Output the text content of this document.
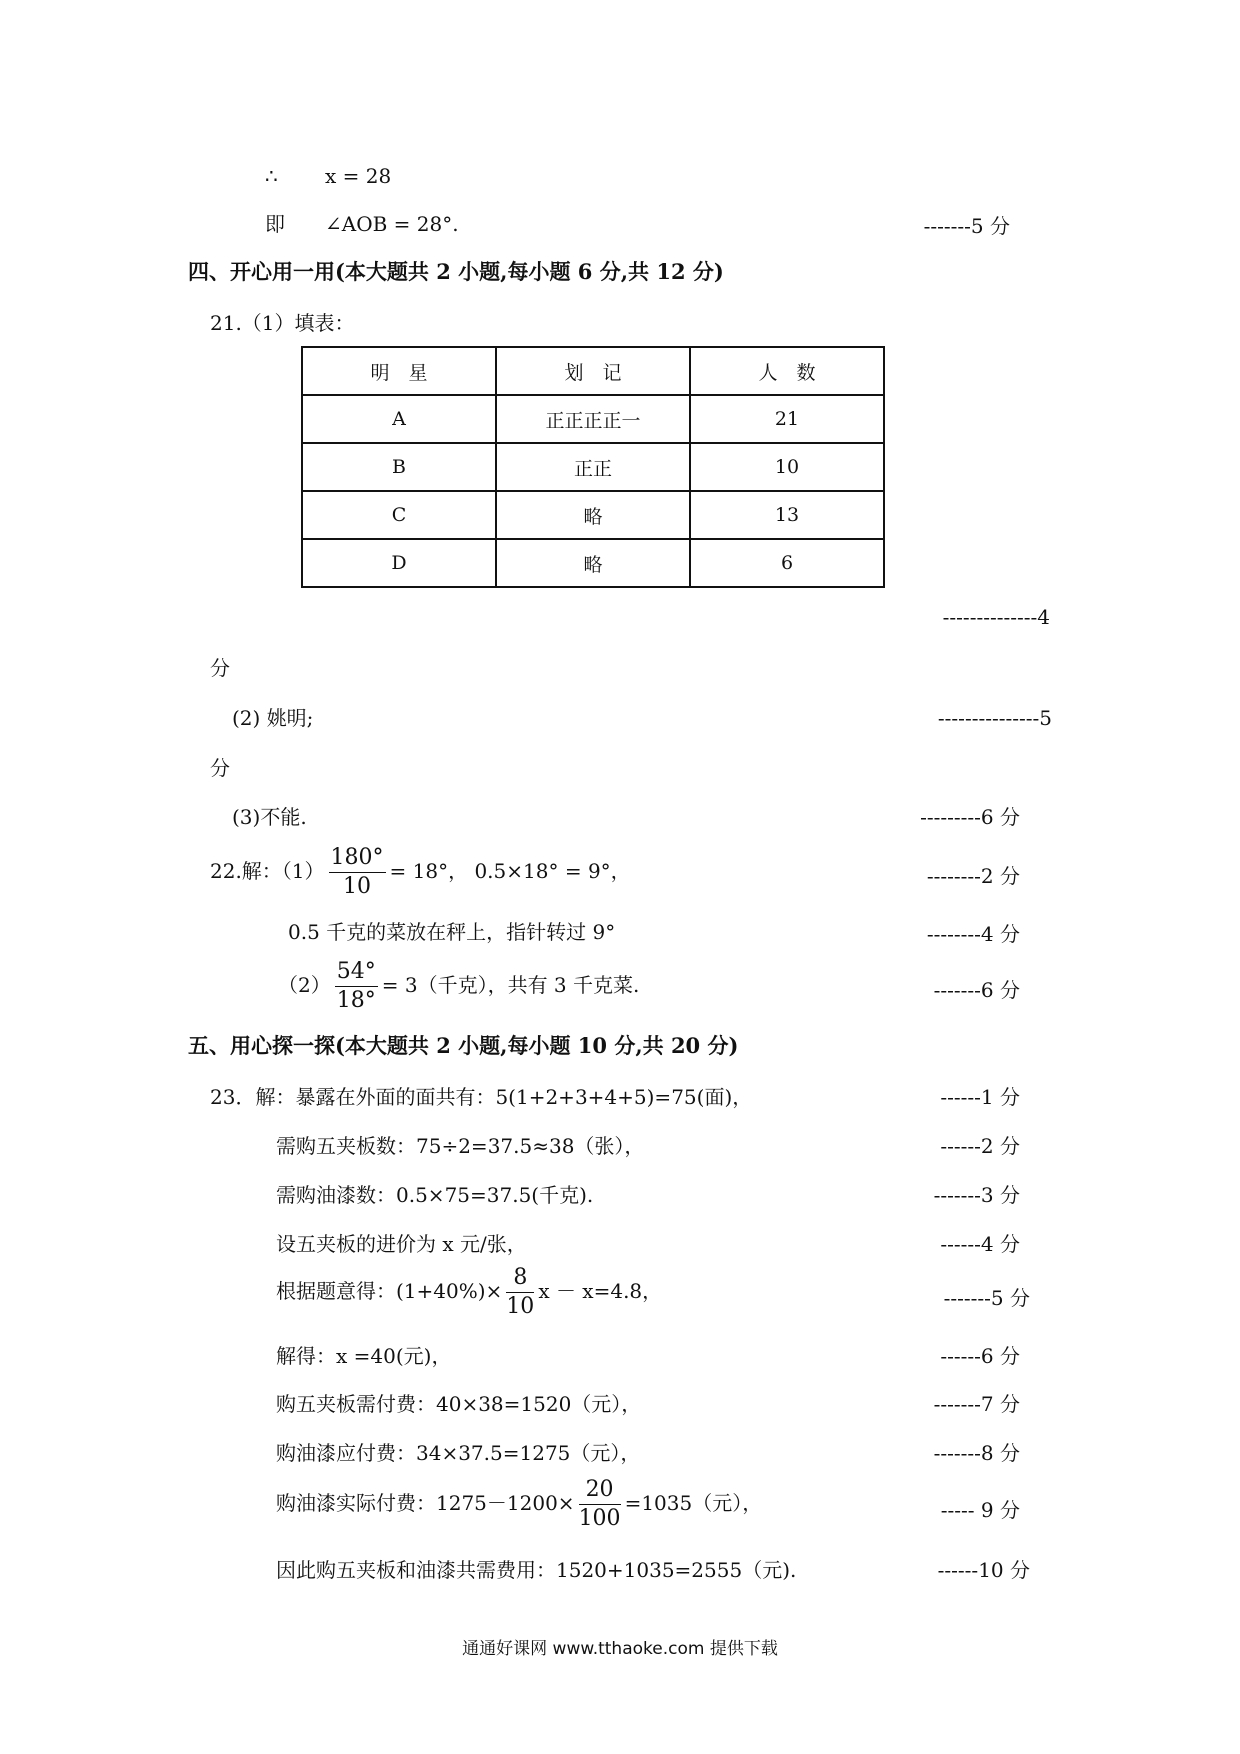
∴ x = 28
即 ∠AOB = 28°.	-------5 分
四、开心用一用(本大题共 2 小题,每小题 6 分,共 12 分)
21.（1）填表：
明　星	划　记	人　数
A	正正正正一	21
B	正正	10
C	略	13
D	略	6
--------------4
分
(2) 姚明;	---------------5
分
(3)不能.	---------6 分
22.解：$(1) \frac{180^\circ}{10} = 18^\circ$， 0.5×18° = 9°，	--------2 分
0.5 千克的菜放在秤上，指针转过 9°	--------4 分
$(2) \frac{54^\circ}{18^\circ} = 3$（千克），共有 3 千克菜.	-------6 分
五、用心探一探(本大题共 2 小题,每小题 10 分,共 20 分)
23．解：暴露在外面的面共有：5(1+2+3+4+5)=75(面)，	------1 分
需购五夹板数：75÷2=37.5≈38（张），	------2 分
需购油漆数：0.5×75=37.5(千克).	-------3 分
设五夹板的进价为 x 元/张，	------4 分
根据题意得：$(1+40\%)\times \frac{8}{10}$ x － x=4.8，	-------5 分
解得：x =40(元)，	------6 分
购五夹板需付费：40×38=1520（元），	-------7 分
购油漆应付费：34×37.5=1275（元），	-------8 分
购油漆实际付费：$1275-1200\times \frac{20}{100} =1035$（元），	----- 9 分
因此购五夹板和油漆共需费用：1520+1035=2555（元).	------10 分
通通好课网 www.tthaoke.com 提供下载
